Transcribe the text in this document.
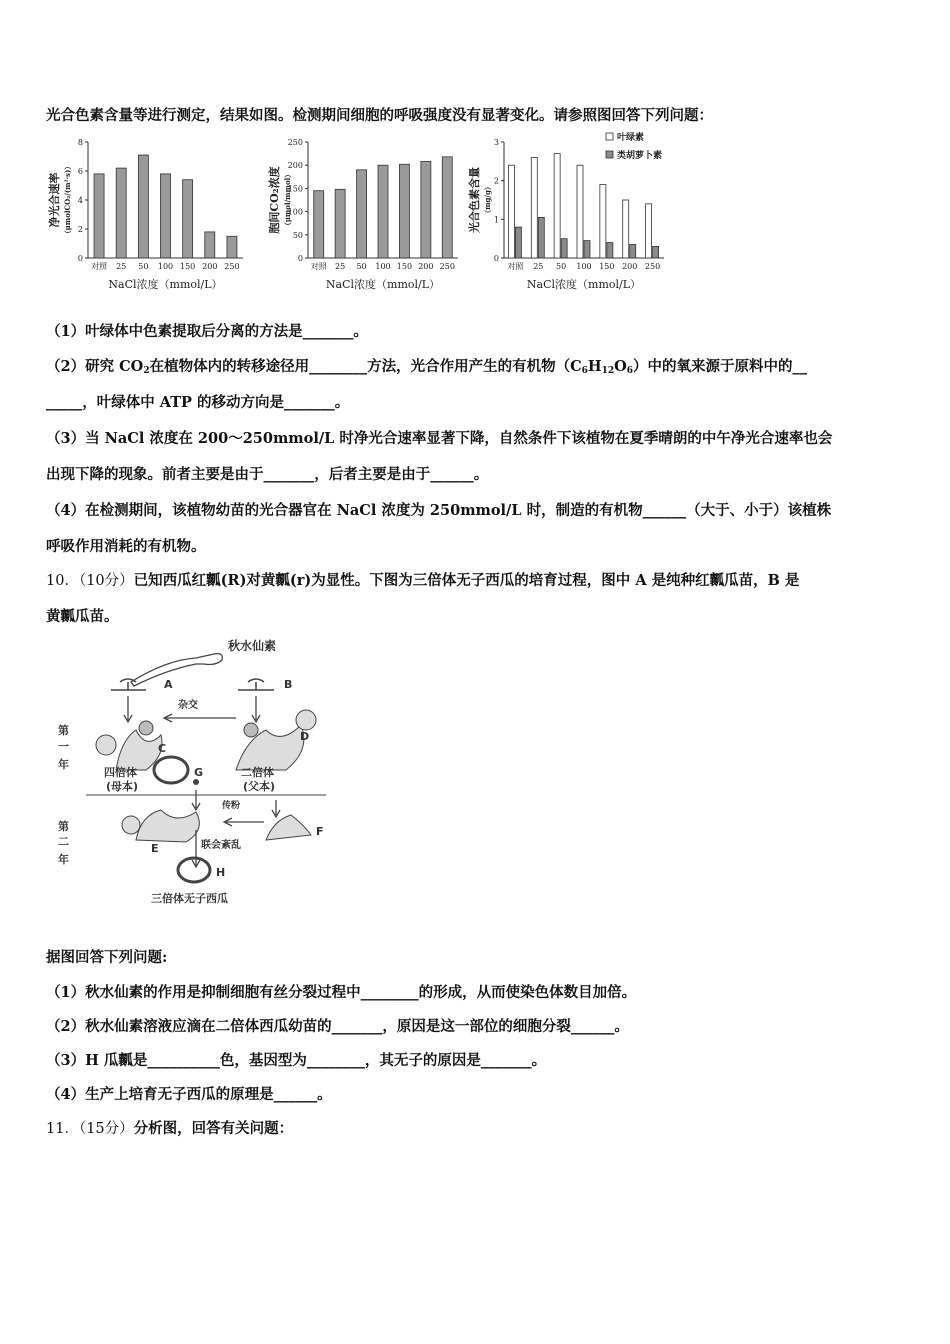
光合色素含量等进行测定，结果如图。检测期间细胞的呼吸强度没有显著变化。请参照图回答下列问题：
0
2
4
6
8
净光合速率 （μmolCO₂/(m²·s)）
对照 25 50 100 150 200 250
NaCl浓度（mmol/L）
0
50
100
150
200
250
胞间CO₂浓度 （μmol/mmol）
对照 25 50 100 150 200 250
NaCl浓度（mmol/L）
0
1
2
3
光合色素含量 （mg/g）
对照 25 50 100 150 200 250
NaCl浓度（mmol/L）
叶绿素
类胡萝卜素
（1）叶绿体中色素提取后分离的方法是_______。
（2）研究 $CO_2$在植物体内的转移途径用________方法，光合作用产生的有机物$(C_6H_{12}O_6)$中的氧来源于原料中的__
_____，叶绿体中 ATP 的移动方向是_______。
（3）当 NaCl 浓度在 200～250mmol/L 时净光合速率显著下降，自然条件下该植物在夏季晴朗的中午净光合速率也会
出现下降的现象。前者主要是由于_______，后者主要是由于______。
（4）在检测期间，该植物幼苗的光合器官在 NaCl 浓度为 250mmol/L 时，制造的有机物______（大于、小于）该植株
呼吸作用消耗的有机物。
10．（10分）已知西瓜红瓤(R)对黄瓤(r)为显性。下图为三倍体无子西瓜的培育过程，图中 A 是纯种红瓤瓜苗，B 是
黄瓤瓜苗。
秋水仙素
A	B
杂交
C
D
第
一
年
第
二
年
四倍体
(母本)
二倍体
(父本)
G
传粉
E
F
联会紊乱
H
三倍体无子西瓜
据图回答下列问题:
（1）秋水仙素的作用是抑制细胞有丝分裂过程中________的形成，从而使染色体数目加倍。
（2）秋水仙素溶液应滴在二倍体西瓜幼苗的_______，原因是这一部位的细胞分裂______。
（3）H 瓜瓤是__________色，基因型为________，其无子的原因是_______。
（4）生产上培育无子西瓜的原理是______。
11．（15分）分析图，回答有关问题：
